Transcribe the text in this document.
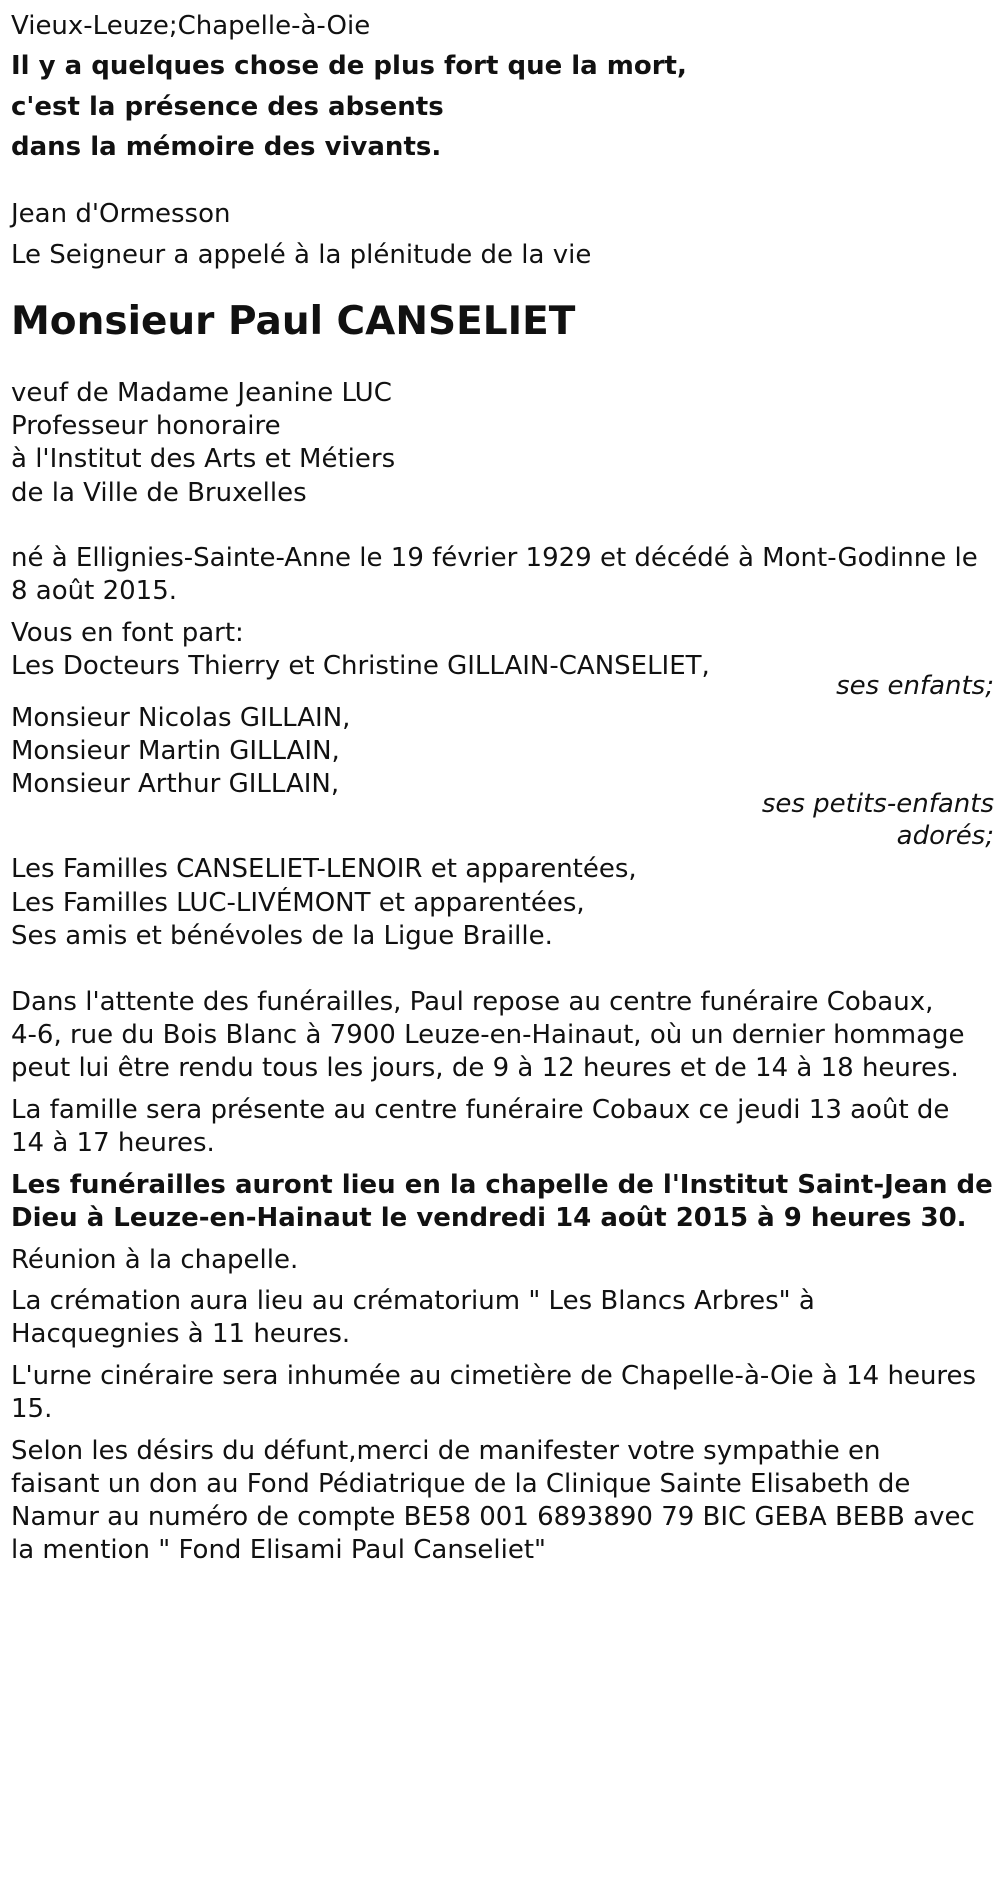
Vieux-Leuze;Chapelle-à-Oie

Il y a quelques chose de plus fort que la mort,

c'est la présence des absents

dans la mémoire des vivants.

Jean d'Ormesson

Le Seigneur a appelé à la plénitude de la vie

Monsieur Paul CANSELIET

veuf de Madame Jeanine LUC

Professeur honoraire

à l'Institut des Arts et Métiers

de la Ville de Bruxelles

né à Ellignies-Sainte-Anne le 19 février 1929 et décédé à Mont-Godinne le

8 août 2015.

Vous en font part:

Les Docteurs Thierry et Christine GILLAIN-CANSELIET,

ses enfants;

Monsieur Nicolas GILLAIN,

Monsieur Martin GILLAIN,

Monsieur Arthur GILLAIN,

ses petits-enfants

adorés;

Les Familles CANSELIET-LENOIR et apparentées,

Les Familles LUC-LIVÉMONT et apparentées,

Ses amis et bénévoles de la Ligue Braille.

Dans l'attente des funérailles, Paul repose au centre funéraire Cobaux,

4-6, rue du Bois Blanc à 7900 Leuze-en-Hainaut, où un dernier hommage

peut lui être rendu tous les jours, de 9 à 12 heures et de 14 à 18 heures.

La famille sera présente au centre funéraire Cobaux ce jeudi 13 août de

14 à 17 heures.

Les funérailles auront lieu en la chapelle de l'Institut Saint-Jean de

Dieu à Leuze-en-Hainaut le vendredi 14 août 2015 à 9 heures 30.

Réunion à la chapelle.

La crémation aura lieu au crématorium " Les Blancs Arbres" à

Hacquegnies à 11 heures.

L'urne cinéraire sera inhumée au cimetière de Chapelle-à-Oie à 14 heures

15.

Selon les désirs du défunt,merci de manifester votre sympathie en

faisant un don au Fond Pédiatrique de la Clinique Sainte Elisabeth de

Namur au numéro de compte BE58 001 6893890 79 BIC GEBA BEBB avec

la mention " Fond Elisami Paul Canseliet"
